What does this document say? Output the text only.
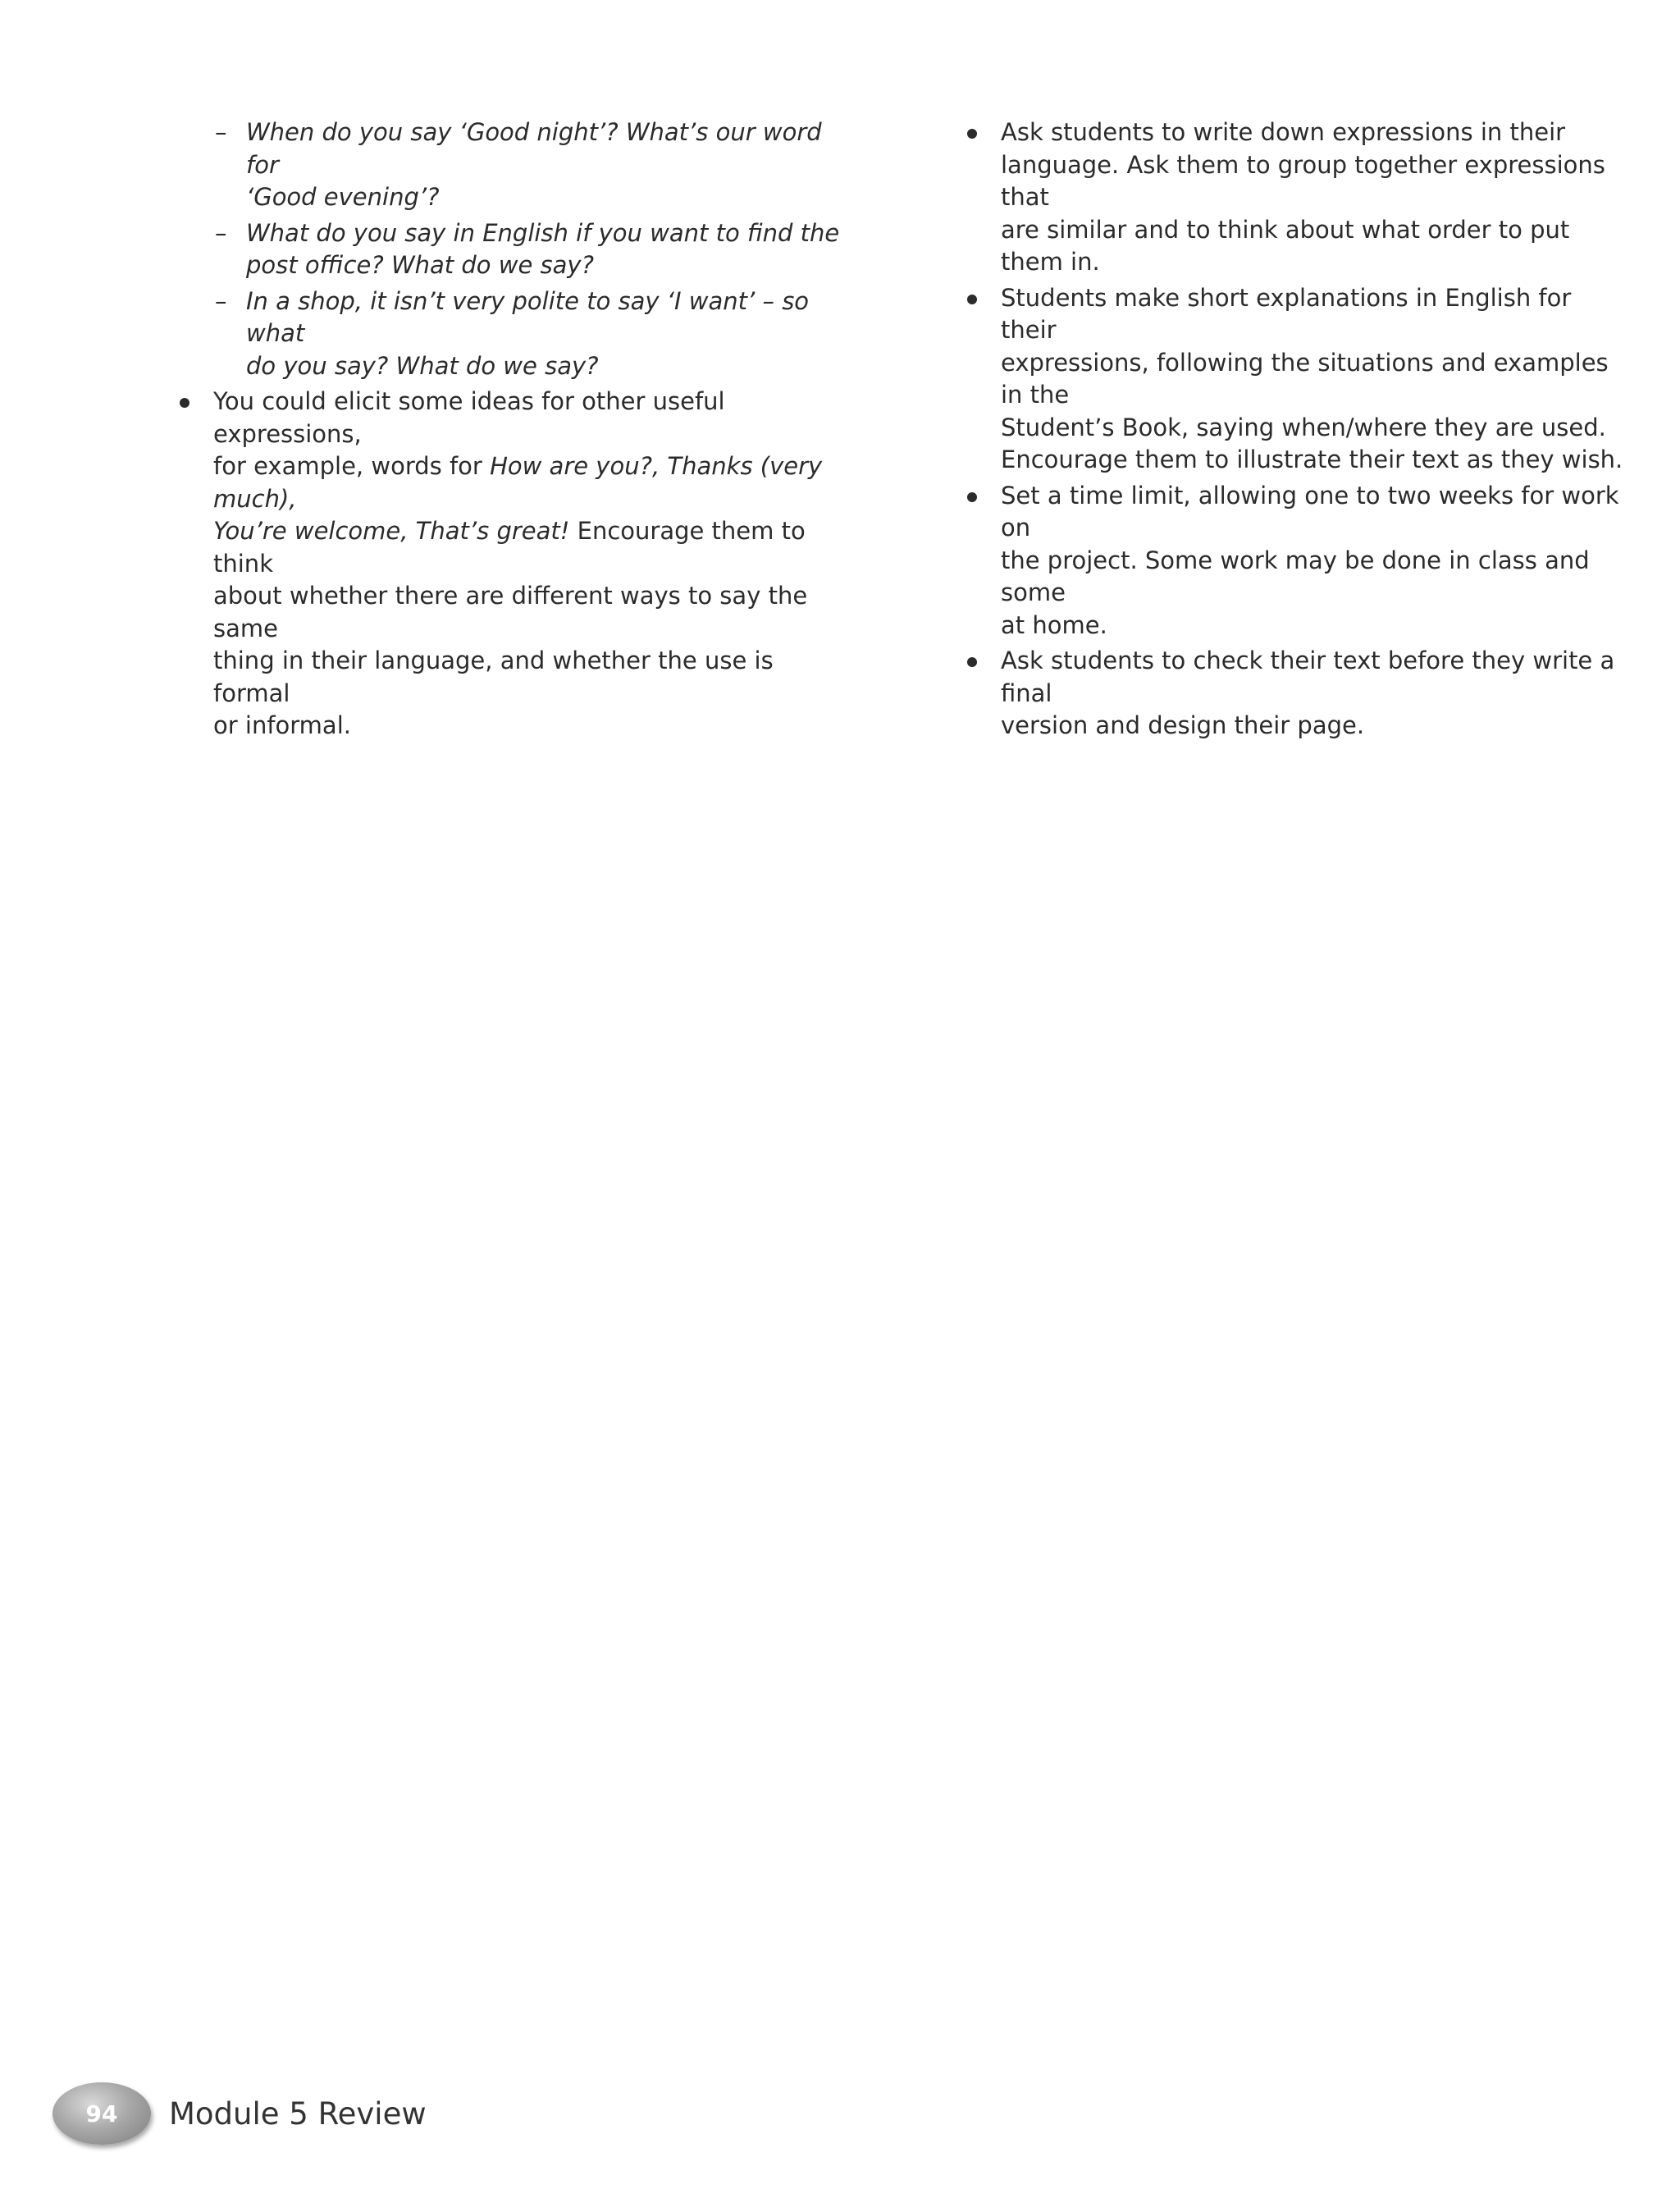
– When do you say ‘Good night’? What’s our word for
‘Good evening’?
– What do you say in English if you want to find the
post office? What do we say?
– In a shop, it isn’t very polite to say ‘I want’ – so what
do you say? What do we say?
You could elicit some ideas for other useful expressions,
for example, words for How are you?, Thanks (very much),
You’re welcome, That’s great! Encourage them to think
about whether there are different ways to say the same
thing in their language, and whether the use is formal
or informal.
Ask students to write down expressions in their
language. Ask them to group together expressions that
are similar and to think about what order to put them in.
Students make short explanations in English for their
expressions, following the situations and examples in the
Student’s Book, saying when/where they are used.
Encourage them to illustrate their text as they wish.
Set a time limit, allowing one to two weeks for work on
the project. Some work may be done in class and some
at home.
Ask students to check their text before they write a final
version and design their page.
94 Module 5 Review
